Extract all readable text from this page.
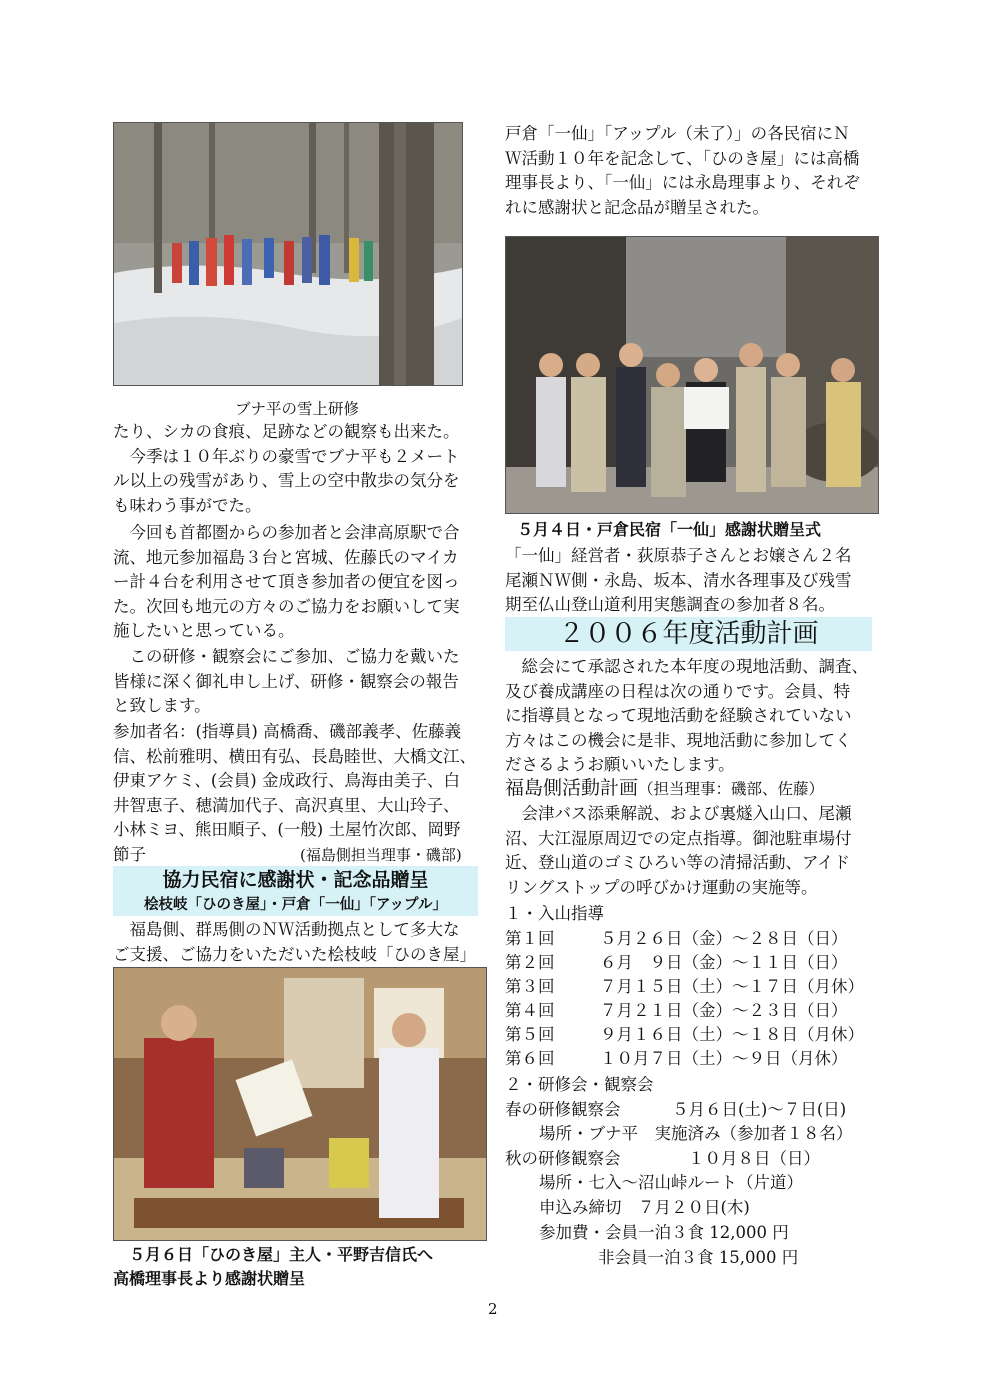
ブナ平の雪上研修
たり、シカの食痕、足跡などの観察も出来た。
　今季は１０年ぶりの豪雪でブナ平も２メート
ル以上の残雪があり、雪上の空中散歩の気分を
も味わう事がでた。
　今回も首都圏からの参加者と会津高原駅で合
流、地元参加福島３台と宮城、佐藤氏のマイカ
ー計４台を利用させて頂き参加者の便宜を図っ
た。次回も地元の方々のご協力をお願いして実
施したいと思っている。
　この研修・観察会にご参加、ご協力を戴いた
皆様に深く御礼申し上げ、研修・観察会の報告
と致します。
参加者名：(指導員) 高橋喬、磯部義孝、佐藤義
信、松前雅明、横田有弘、長島睦世、大橋文江、
伊東アケミ、(会員) 金成政行、鳥海由美子、白
井智恵子、穂満加代子、高沢真里、大山玲子、
小林ミヨ、熊田順子、(一般) 土屋竹次郎、岡野
節子	(福島側担当理事・磯部)
協力民宿に感謝状・記念品贈呈
桧枝岐「ひのき屋」・戸倉「一仙」「アップル」
　福島側、群馬側のＮＷ活動拠点として多大な
ご支援、ご協力をいただいた桧枝岐「ひのき屋」
　５月６日「ひのき屋」主人・平野吉信氏へ
高橋理事長より感謝状贈呈
戸倉「一仙」「アップル（未了）」の各民宿にＮ
Ｗ活動１０年を記念して、「ひのき屋」には高橋
理事長より、「一仙」には永島理事より、それぞ
れに感謝状と記念品が贈呈された。
５月４日・戸倉民宿「一仙」感謝状贈呈式
「一仙」経営者・荻原恭子さんとお嬢さん２名
尾瀬ＮＷ側・永島、坂本、清水各理事及び残雪
期至仏山登山道利用実態調査の参加者８名。
２００６年度活動計画
　総会にて承認された本年度の現地活動、調査、
及び養成講座の日程は次の通りです。会員、特
に指導員となって現地活動を経験されていない
方々はこの機会に是非、現地活動に参加してく
ださるようお願いいたします。
福島側活動計画（担当理事：磯部、佐藤）
　会津バス添乗解説、および裏燧入山口、尾瀬
沼、大江湿原周辺での定点指導。御池駐車場付
近、登山道のゴミひろい等の清掃活動、アイド
リングストップの呼びかけ運動の実施等。
１・入山指導
第１回	５月２６日（金）～２８日（日）
第２回	６月　９日（金）～１１日（日）
第３回	７月１５日（土）～１７日（月休）
第４回	７月２１日（金）～２３日（日）
第５回	９月１６日（土）～１８日（月休）
第６回	１０月７日（土）～９日（月休）
２・研修会・観察会
春の研修観察会	５月６日(土)～７日(日)
場所・ブナ平　実施済み（参加者１８名）
秋の研修観察会	１０月８日（日）
場所・七入～沼山峠ルート（片道）
申込み締切　７月２０日(木)
参加費・会員一泊３食 12,000 円
非会員一泊３食 15,000 円
2
